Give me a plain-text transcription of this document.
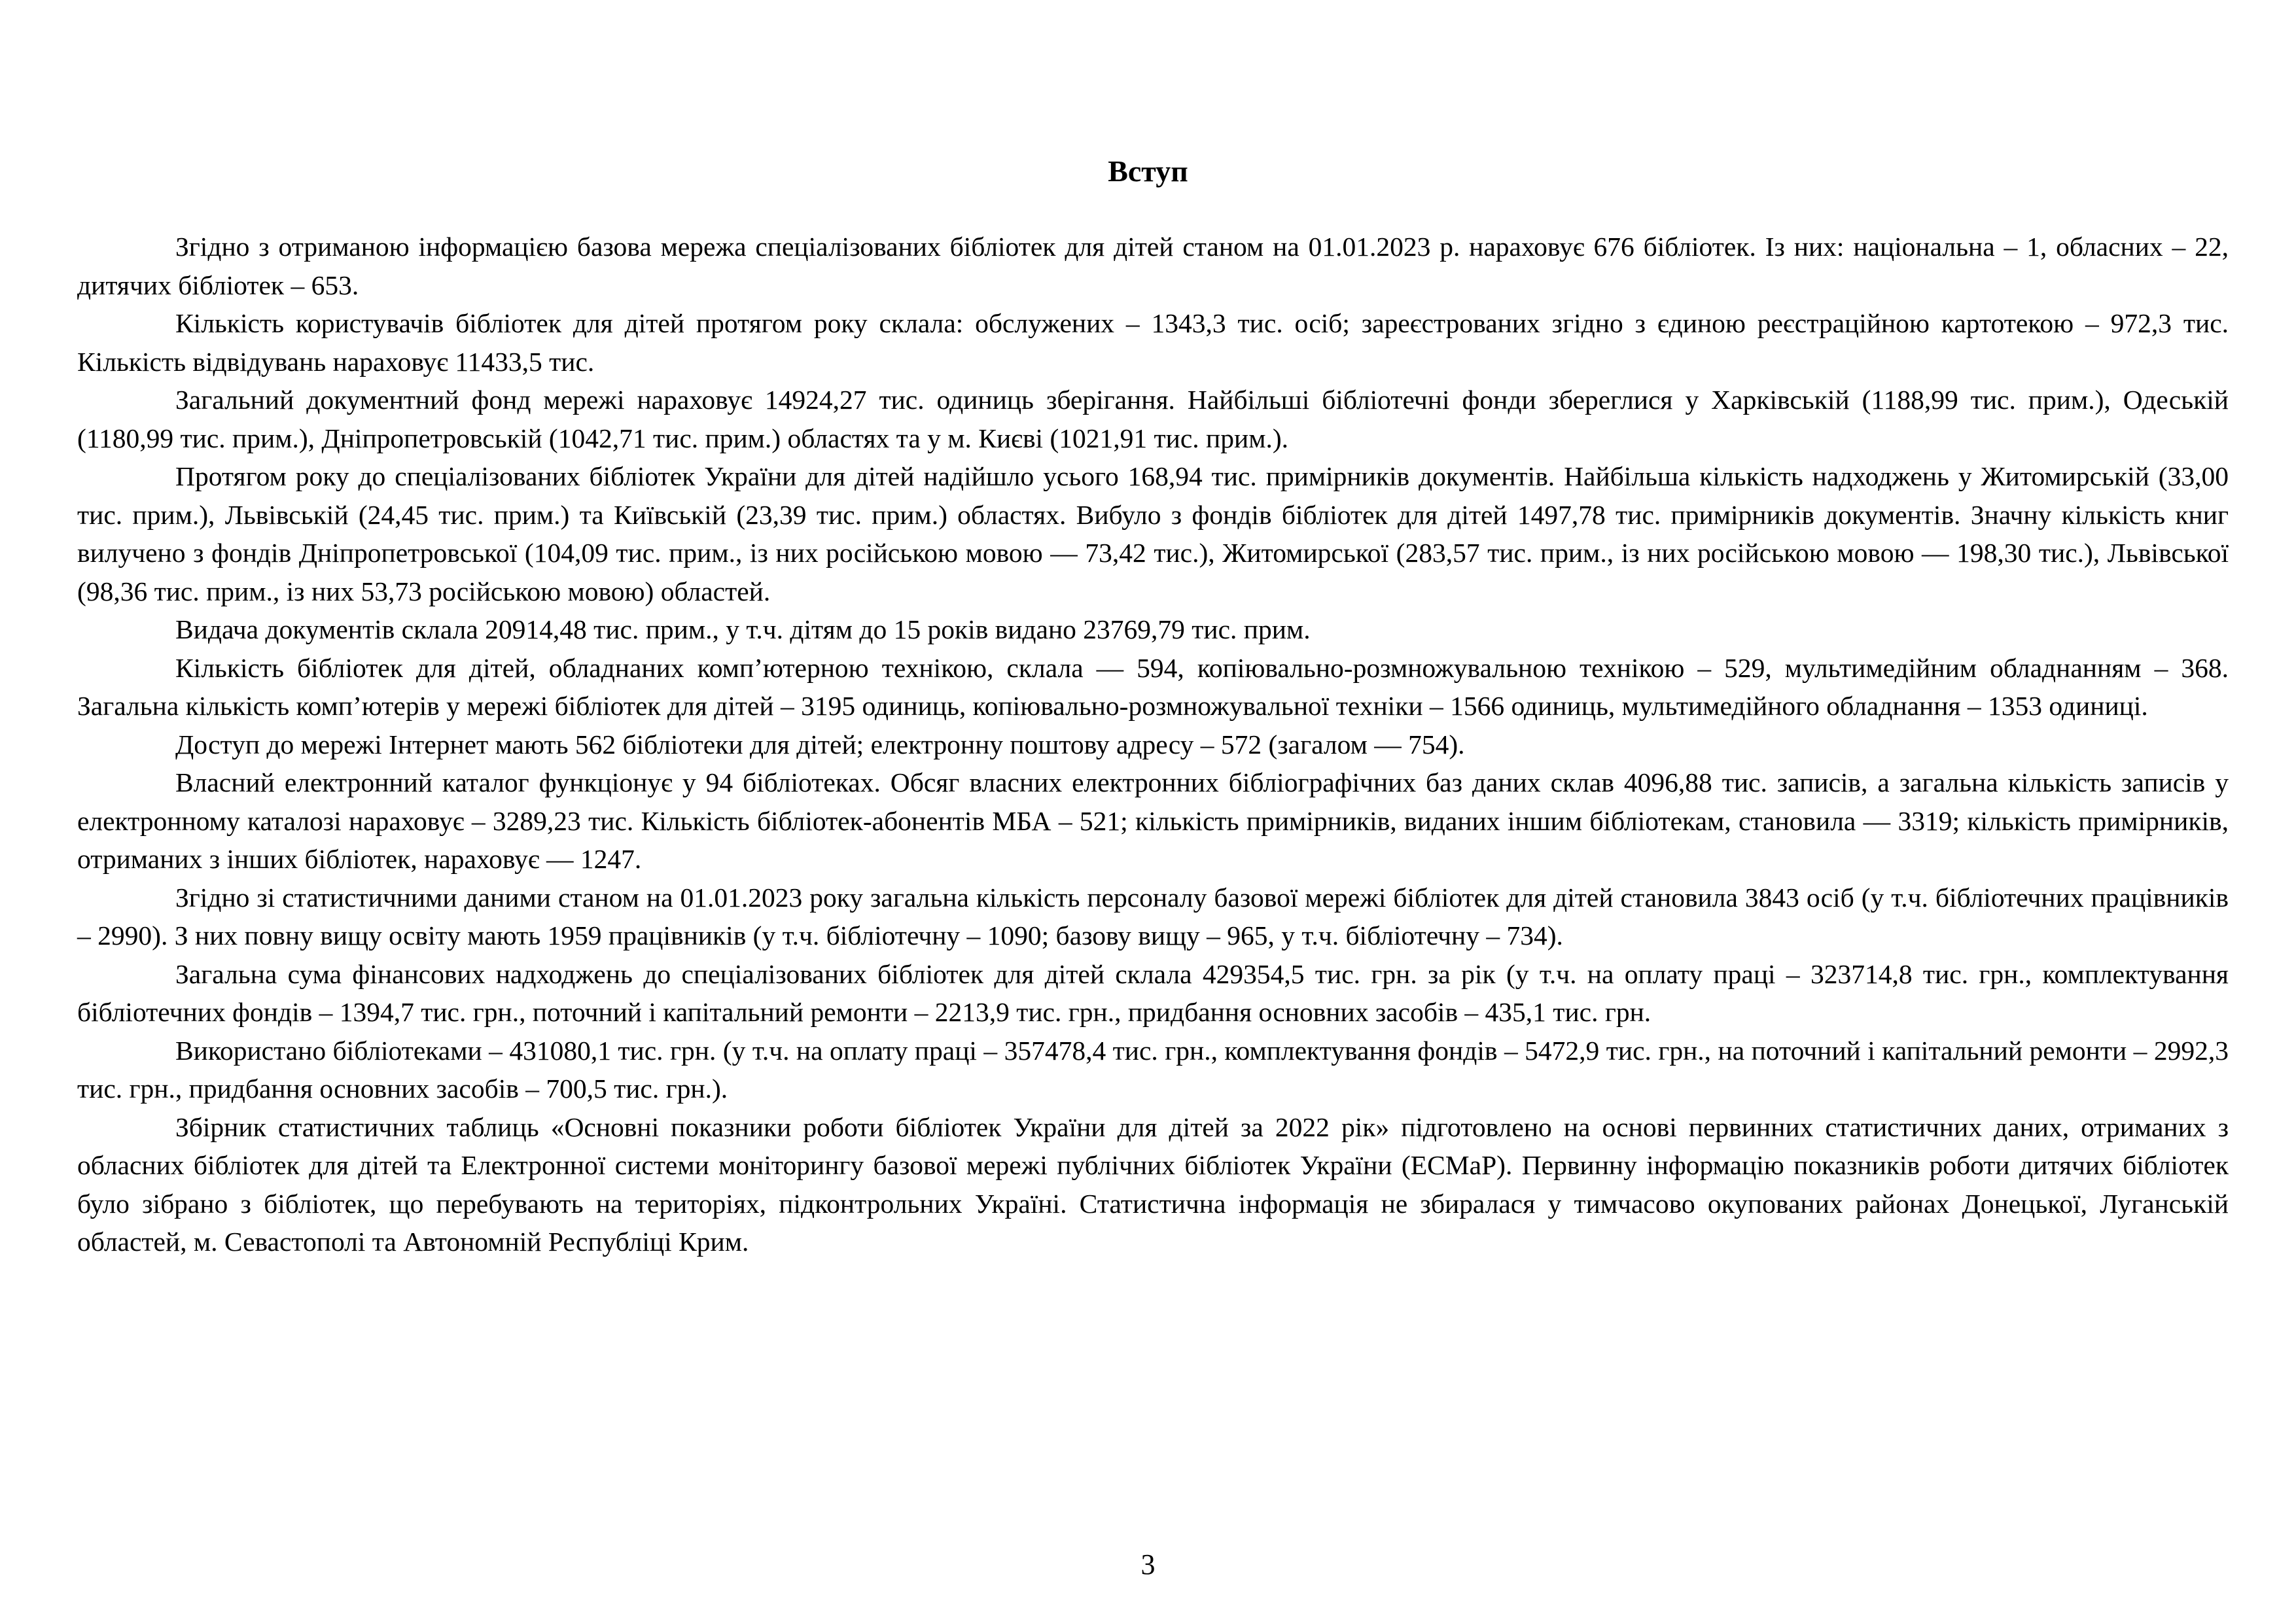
Вступ

Згідно з отриманою інформацією базова мережа спеціалізованих бібліотек для дітей станом на 01.01.2023 р. нараховує 676 бібліотек. Із них: національна – 1, обласних – 22, дитячих бібліотек – 653.

Кількість користувачів бібліотек для дітей протягом року склала: обслужених – 1343,3 тис. осіб; зареєстрованих згідно з єдиною реєстраційною картотекою – 972,3 тис. Кількість відвідувань нараховує 11433,5 тис.

Загальний документний фонд мережі нараховує 14924,27 тис. одиниць зберігання. Найбільші бібліотечні фонди збереглися у Харківській (1188,99 тис. прим.), Одеській (1180,99 тис. прим.), Дніпропетровській (1042,71 тис. прим.) областях та у м. Києві (1021,91 тис. прим.).

Протягом року до спеціалізованих бібліотек України для дітей надійшло усього 168,94 тис. примірників документів. Найбільша кількість надходжень у Житомирській (33,00 тис. прим.), Львівській (24,45 тис. прим.) та Київській (23,39 тис. прим.) областях. Вибуло з фондів бібліотек для дітей 1497,78 тис. примірників документів. Значну кількість книг вилучено з фондів Дніпропетровської (104,09 тис. прим., із них російською мовою — 73,42 тис.), Житомирської (283,57 тис. прим., із них російською мовою — 198,30 тис.), Львівської (98,36 тис. прим., із них 53,73 російською мовою) областей.

Видача документів склала 20914,48 тис. прим., у т.ч. дітям до 15 років видано 23769,79 тис. прим.

Кількість бібліотек для дітей, обладнаних комп’ютерною технікою, склала — 594, копіювально-розмножувальною технікою – 529, мультимедійним обладнанням – 368. Загальна кількість комп’ютерів у мережі бібліотек для дітей – 3195 одиниць, копіювально-розмножувальної техніки – 1566 одиниць, мультимедійного обладнання – 1353 одиниці.

Доступ до мережі Інтернет мають 562 бібліотеки для дітей; електронну поштову адресу – 572 (загалом — 754).

Власний електронний каталог функціонує у 94 бібліотеках. Обсяг власних електронних бібліографічних баз даних склав 4096,88 тис. записів, а загальна кількість записів у електронному каталозі нараховує – 3289,23 тис. Кількість бібліотек-абонентів МБА – 521; кількість примірників, виданих іншим бібліотекам, становила — 3319; кількість примірників, отриманих з інших бібліотек, нараховує — 1247.

Згідно зі статистичними даними станом на 01.01.2023 року загальна кількість персоналу базової мережі бібліотек для дітей становила 3843 осіб (у т.ч. бібліотечних працівників – 2990). З них повну вищу освіту мають 1959 працівників (у т.ч. бібліотечну – 1090; базову вищу – 965, у т.ч. бібліотечну – 734).

Загальна сума фінансових надходжень до спеціалізованих бібліотек для дітей склала 429354,5 тис. грн. за рік (у т.ч. на оплату праці – 323714,8 тис. грн., комплектування бібліотечних фондів – 1394,7 тис. грн., поточний і капітальний ремонти – 2213,9 тис. грн., придбання основних засобів – 435,1 тис. грн.

Використано бібліотеками – 431080,1 тис. грн. (у т.ч. на оплату праці – 357478,4 тис. грн., комплектування фондів – 5472,9 тис. грн., на поточний і капітальний ремонти – 2992,3 тис. грн., придбання основних засобів – 700,5 тис. грн.).

Збірник статистичних таблиць «Основні показники роботи бібліотек України для дітей за 2022 рік» підготовлено на основі первинних статистичних даних, отриманих з обласних бібліотек для дітей та Електронної системи моніторингу базової мережі публічних бібліотек України (ЕСМаР). Первинну інформацію показників роботи дитячих бібліотек було зібрано з бібліотек, що перебувають на територіях, підконтрольних Україні. Статистична інформація не збиралася у тимчасово окупованих районах Донецької, Луганській областей, м. Севастополі та Автономній Республіці Крим.

3
